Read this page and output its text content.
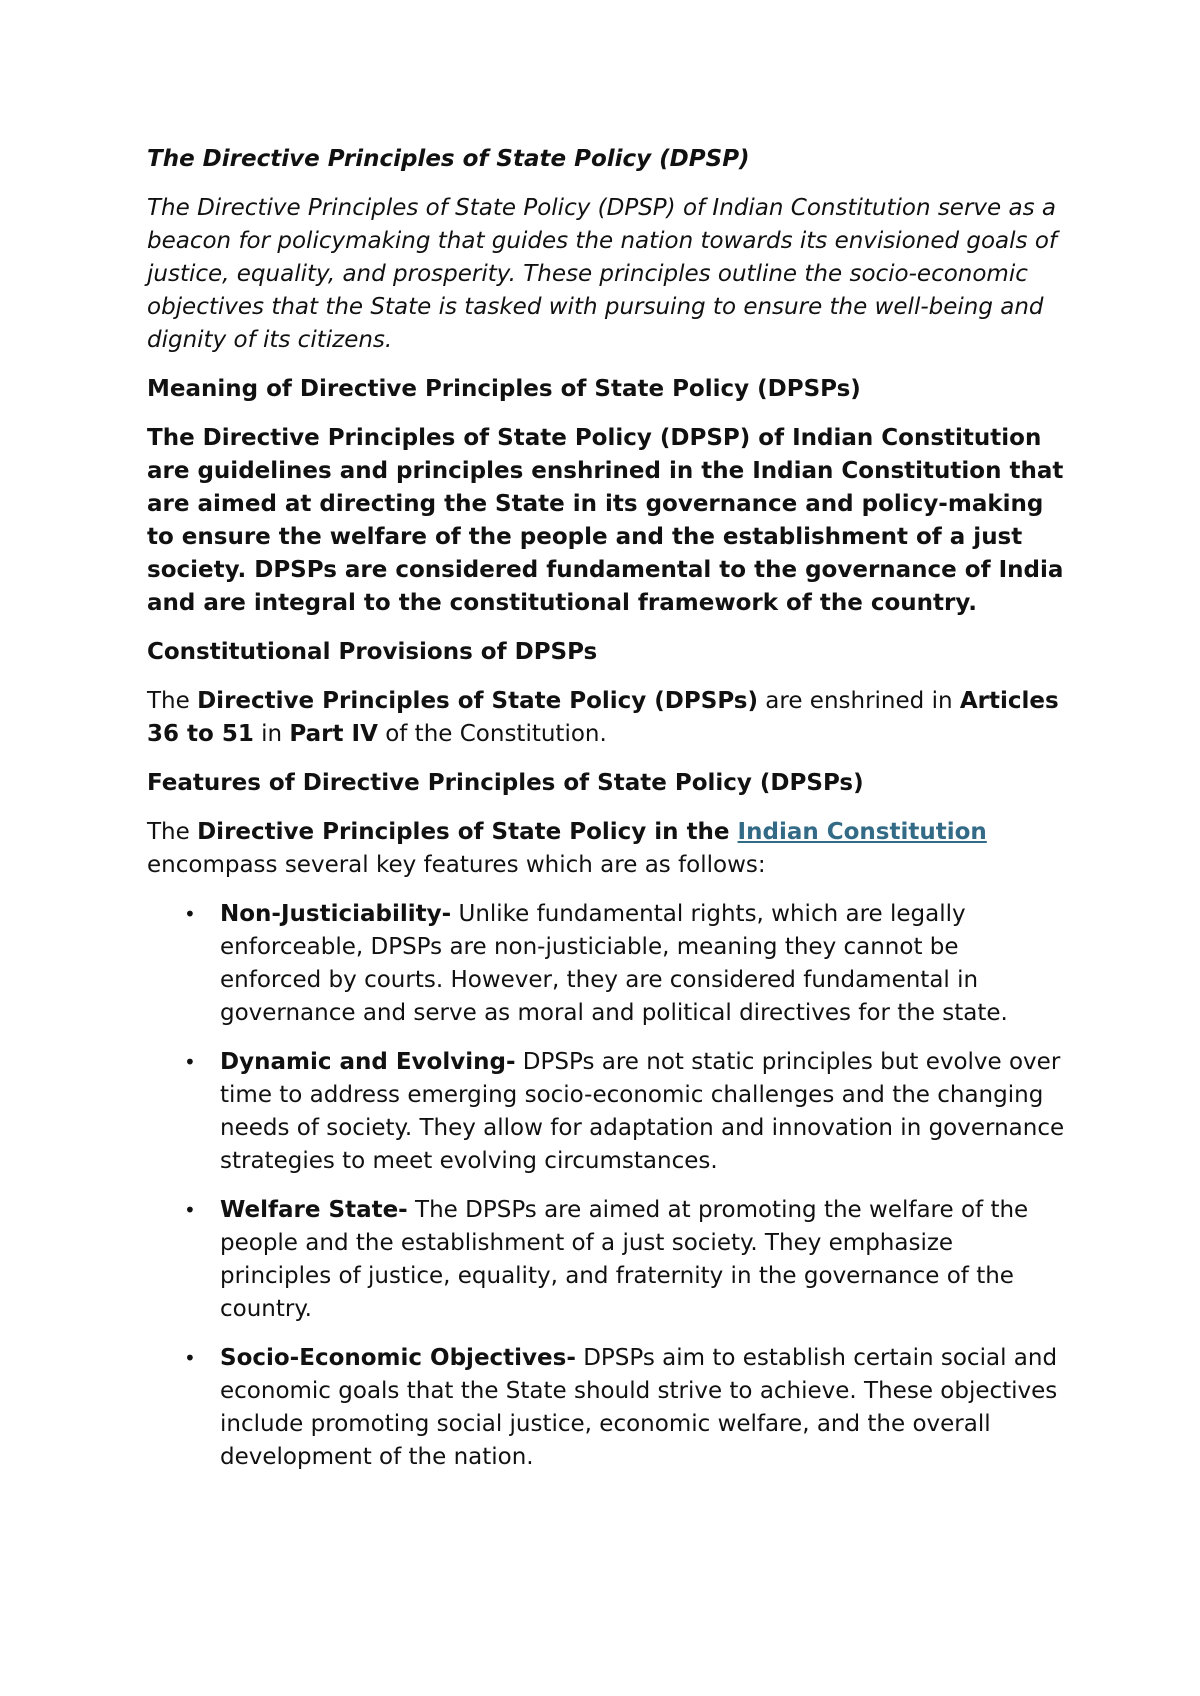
The Directive Principles of State Policy (DPSP)

The Directive Principles of State Policy (DPSP) of Indian Constitution serve as a beacon for policymaking that guides the nation towards its envisioned goals of justice, equality, and prosperity. These principles outline the socio-economic objectives that the State is tasked with pursuing to ensure the well-being and dignity of its citizens.

Meaning of Directive Principles of State Policy (DPSPs)

The Directive Principles of State Policy (DPSP) of Indian Constitution are guidelines and principles enshrined in the Indian Constitution that are aimed at directing the State in its governance and policy-making to ensure the welfare of the people and the establishment of a just society. DPSPs are considered fundamental to the governance of India and are integral to the constitutional framework of the country.

Constitutional Provisions of DPSPs

The Directive Principles of State Policy (DPSPs) are enshrined in Articles 36 to 51 in Part IV of the Constitution.

Features of Directive Principles of State Policy (DPSPs)

The Directive Principles of State Policy in the Indian Constitution encompass several key features which are as follows:

• Non-Justiciability- Unlike fundamental rights, which are legally enforceable, DPSPs are non-justiciable, meaning they cannot be enforced by courts. However, they are considered fundamental in governance and serve as moral and political directives for the state.
• Dynamic and Evolving- DPSPs are not static principles but evolve over time to address emerging socio-economic challenges and the changing needs of society. They allow for adaptation and innovation in governance strategies to meet evolving circumstances.
• Welfare State- The DPSPs are aimed at promoting the welfare of the people and the establishment of a just society. They emphasize principles of justice, equality, and fraternity in the governance of the country.
• Socio-Economic Objectives- DPSPs aim to establish certain social and economic goals that the State should strive to achieve. These objectives include promoting social justice, economic welfare, and the overall development of the nation.
